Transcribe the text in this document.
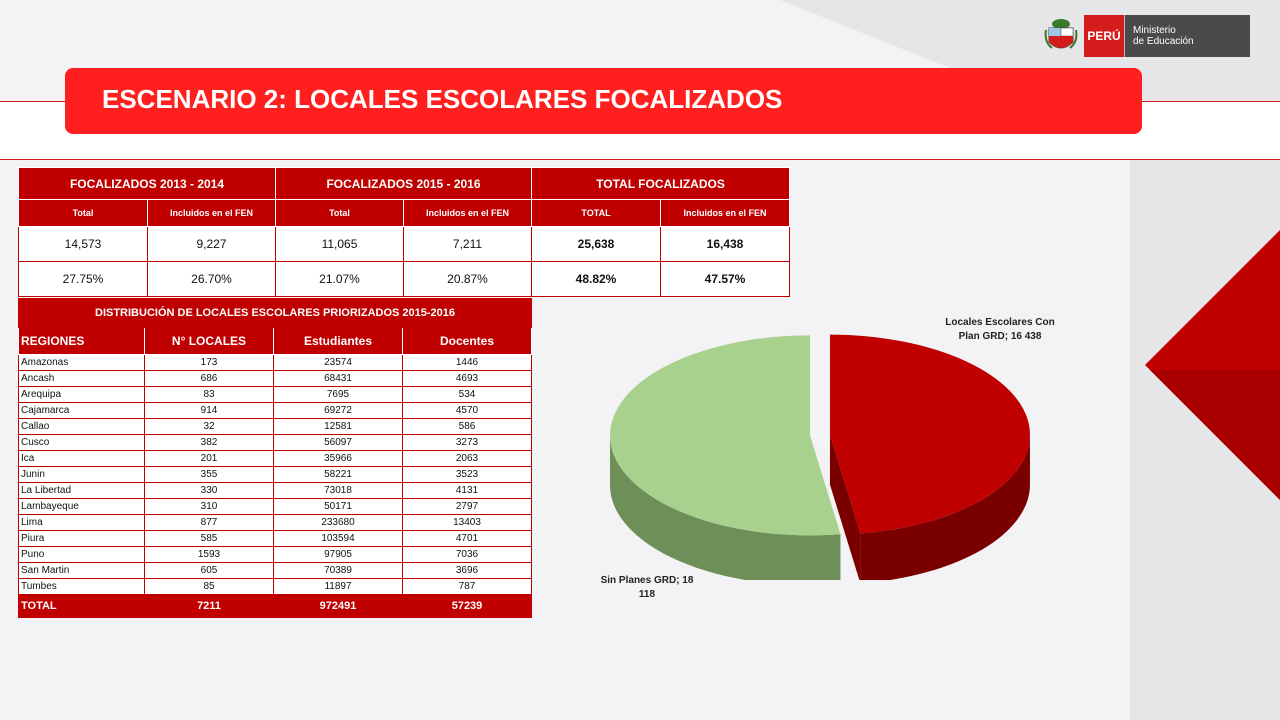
PERÚ	Ministerio
de Educación
ESCENARIO 2: LOCALES ESCOLARES FOCALIZADOS
FOCALIZADOS 2013 - 2014		FOCALIZADOS 2015 - 2016		TOTAL FOCALIZADOS	
Total	Incluidos en el FEN	Total	Incluidos en el FEN	TOTAL	Incluidos en el FEN
14,573	9,227	11,065	7,211	25,638	16,438
27.75%	26.70%	21.07%	20.87%	48.82%	47.57%
DISTRIBUCIÓN DE LOCALES ESCOLARES PRIORIZADOS 2015-2016			
REGIONES	N° LOCALES	Estudiantes	Docentes
Amazonas	173	23574	1446
Ancash	686	68431	4693
Arequipa	83	7695	534
Cajamarca	914	69272	4570
Callao	32	12581	586
Cusco	382	56097	3273
Ica	201	35966	2063
Junin	355	58221	3523
La Libertad	330	73018	4131
Lambayeque	310	50171	2797
Lima	877	233680	13403
Piura	585	103594	4701
Puno	1593	97905	7036
San Martin	605	70389	3696
Tumbes	85	11897	787
TOTAL	7211	972491	57239
Locales Escolares Con Plan GRD; 16 438
Sin Planes GRD; 18 118
